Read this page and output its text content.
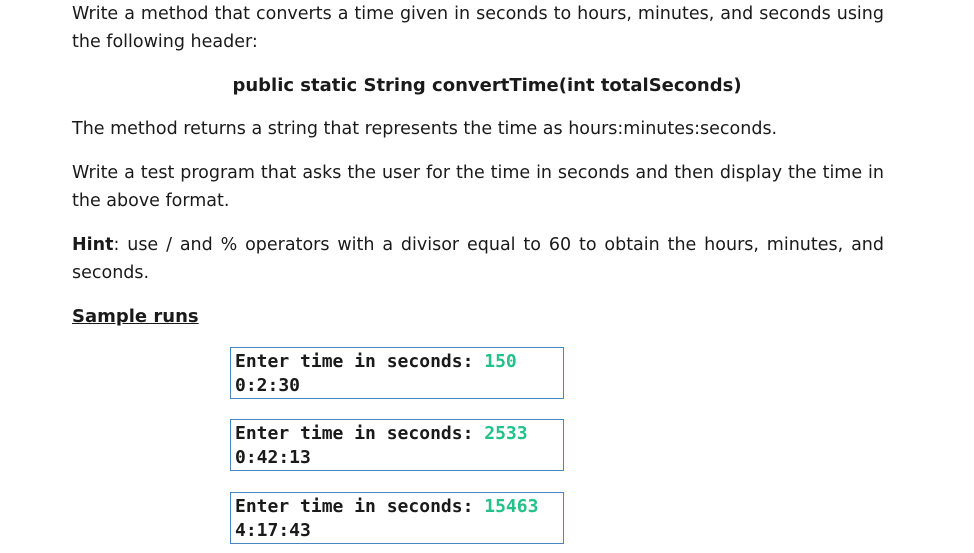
Write a method that converts a time given in seconds to hours, minutes, and seconds using the following header:

public static String convertTime(int totalSeconds)

The method returns a string that represents the time as hours:minutes:seconds.

Write a test program that asks the user for the time in seconds and then display the time in the above format.

Hint: use / and % operators with a divisor equal to 60 to obtain the hours, minutes, and seconds.

Sample runs

Enter time in seconds: 150
0:2:30
Enter time in seconds: 2533
0:42:13
Enter time in seconds: 15463
4:17:43
